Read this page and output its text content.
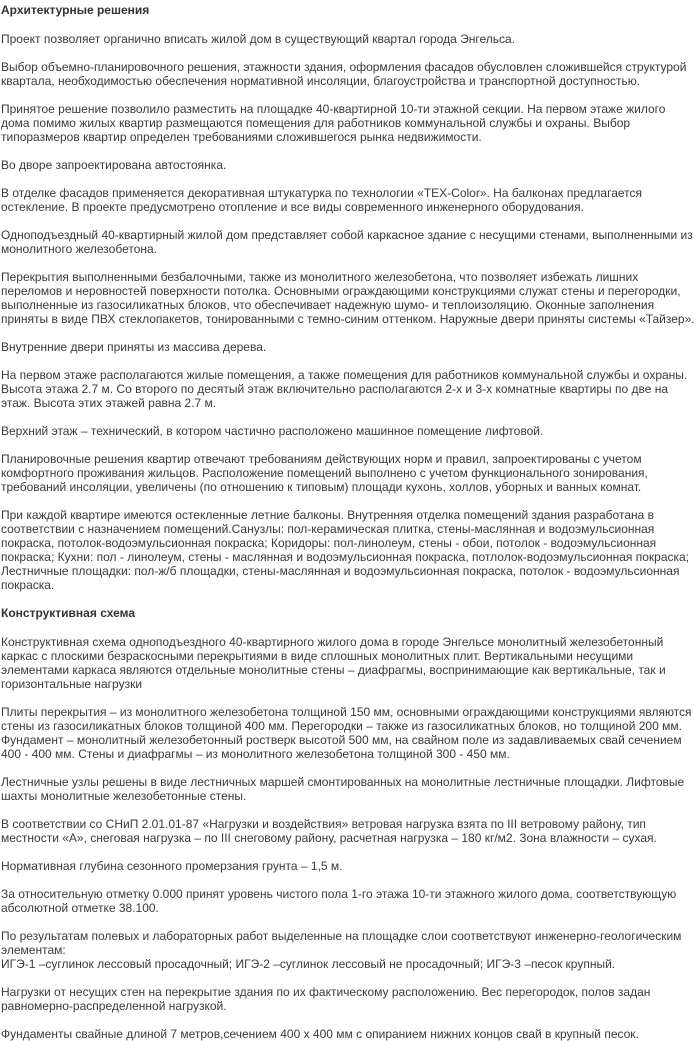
Архитектурные решения

Проект позволяет органично вписать жилой дом в существующий квартал города Энгельса.

Выбор объемно-планировочного решения, этажности здания, оформления фасадов обусловлен сложившейся структурой квартала, необходимостью обеспечения нормативной инсоляции, благоустройства и транспортной доступностью.

Принятое решение позволило разместить на площадке 40-квартирной 10-ти этажной секции. На первом этаже жилого дома помимо жилых квартир размещаются помещения для работников коммунальной службы и охраны. Выбор типоразмеров квартир определен требованиями сложившегося рынка недвижимости.

Во дворе запроектирована автостоянка.

В отделке фасадов применяется декоративная штукатурка по технологии «TEX-Color». На балконах предлагается остекление. В проекте предусмотрено отопление и все виды современного инженерного оборудования.

Одноподъездный 40-квартирный жилой дом представляет собой каркасное здание с несущими стенами, выполненными из монолитного железобетона.

Перекрытия выполненными безбалочными, также из монолитного железобетона, что позволяет избежать лишних переломов и неровностей поверхности потолка. Основными ограждающими конструкциями служат стены и перегородки, выполненные из газосиликатных блоков, что обеспечивает надежную шумо- и теплоизоляцию. Оконные заполнения приняты в виде ПВХ стеклопакетов, тонированными с темно-синим оттенком. Наружные двери приняты системы «Тайзер».

Внутренние двери приняты из массива дерева.

На первом этаже располагаются жилые помещения, а также помещения для работников коммунальной службы и охраны. Высота этажа 2.7 м. Со второго по десятый этаж включительно располагаются 2-х и 3-х комнатные квартиры по две на этаж. Высота этих этажей равна 2.7 м.

Верхний этаж – технический, в котором частично расположено машинное помещение лифтовой.

Планировочные решения квартир отвечают требованиям действующих норм и правил, запроектированы с учетом комфортного проживания жильцов. Расположение помещений выполнено с учетом функционального зонирования, требований инсоляции, увеличены (по отношению к типовым) площади кухонь, холлов, уборных и ванных комнат.

При каждой квартире имеются остекленные летние балконы. Внутренняя отделка помещений здания разработана в соответствии с назначением помещений.Санузлы: пол-керамическая плитка, стены-маслянная и водоэмульсионная покраска, потолок-водоэмульсионная покраска; Коридоры: пол-линолеум, стены - обои, потолок - водоэмульсионная покраска; Кухни: пол - линолеум, стены - маслянная и водоэмульсионная покраска, потлолок-водоэмульсионная покраска; Лестничные площадки: пол-ж/б площадки, стены-маслянная и водоэмульсионная покраска, потолок - водоэмульсионная покраска.

Конструктивная схема

Конструктивная схема одноподъездного 40-квартирного жилого дома в городе Энгельсе монолитный железобетонный каркас с плоскими безраскосными перекрытиями в виде сплошных монолитных плит. Вертикальными несущими элементами каркаса являются отдельные монолитные стены – диафрагмы, воспринимающие как вертикальные, так и горизонтальные нагрузки

Плиты перекрытия – из монолитного железобетона толщиной 150 мм, основными ограждающими конструкциями являются стены из газосиликатных блоков толщиной 400 мм. Перегородки – также из газосиликатных блоков, но толщиной 200 мм. Фундамент – монолитный железобетонный ростверк высотой 500 мм, на свайном поле из задавливаемых свай сечением 400 - 400 мм. Стены и диафрагмы – из монолитного железобетона толщиной 300 - 450 мм.

Лестничные узлы решены в виде лестничных маршей смонтированных на монолитные лестничные площадки. Лифтовые шахты монолитные железобетонные стены.

В соответствии со СНиП 2.01.01-87 «Нагрузки и воздействия» ветровая нагрузка взята по III ветровому району, тип местности «А», снеговая нагрузка – по III снеговому району, расчетная нагрузка – 180 кг/м2. Зона влажности – сухая.

Нормативная глубина сезонного промерзания грунта – 1,5 м.

За относительную отметку 0.000 принят уровень чистого пола 1-го этажа 10-ти этажного жилого дома, соответствующую абсолютной отметке 38.100.

По результатам полевых и лабораторных работ выделенные на площадке слои соответствуют инженерно-геологическим элементам:
ИГЭ-1 –суглинок лессовый просадочный; ИГЭ-2 –суглинок лессовый не просадочный; ИГЭ-3 –песок крупный.

Нагрузки от несущих стен на перекрытие здания по их фактическому расположению. Вес перегородок, полов задан равномерно-распределенной нагрузкой.

Фундаменты свайные длиной 7 метров,сечением 400 х 400 мм с опиранием нижних концов свай в крупный песок.
